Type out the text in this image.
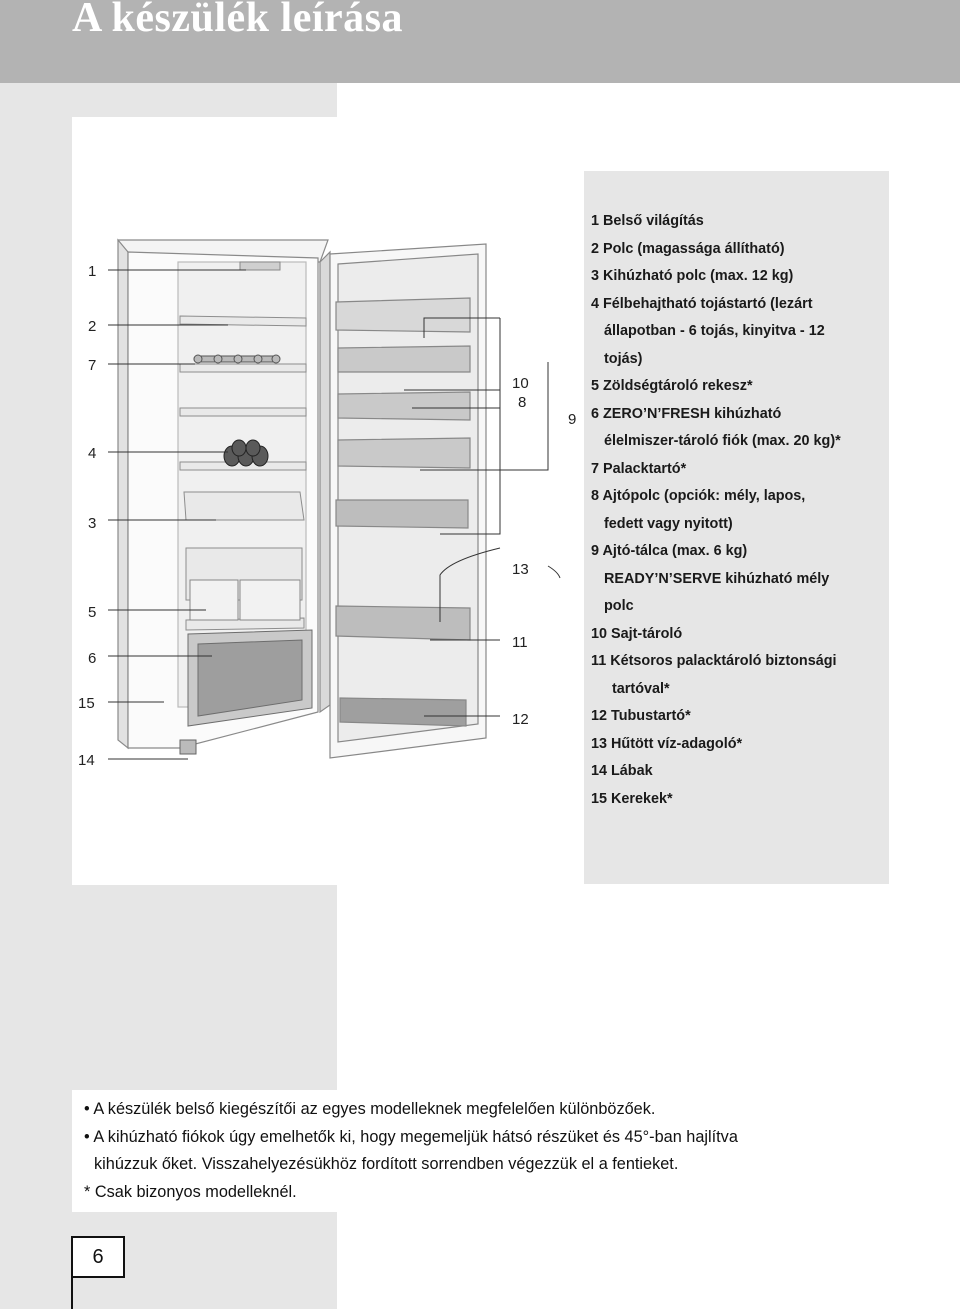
A készülék leírása
1
2
7
4
3
5
6
15
14
10
8
9
13
11
12
1 Belső világítás
2 Polc (magassága állítható)
3 Kihúzható polc (max. 12 kg)
4 Félbehajtható tojástartó (lezárt
állapotban - 6 tojás, kinyitva - 12
tojás)
5 Zöldségtároló rekesz*
6 ZERO’N’FRESH kihúzható
élelmiszer-tároló fiók (max. 20 kg)*
7 Palacktartó*
8 Ajtópolc (opciók: mély, lapos,
fedett vagy nyitott)
9 Ajtó-tálca (max. 6 kg)
READY’N’SERVE kihúzható mély
polc
10 Sajt-tároló
11 Kétsoros palacktároló biztonsági
tartóval*
12 Tubustartó*
13 Hűtött víz-adagoló*
14 Lábak
15 Kerekek*
• A készülék belső kiegészítői az egyes modelleknek megfelelően különbözőek.
• A kihúzható fiókok úgy emelhetők ki, hogy megemeljük hátsó részüket és 45°-ban hajlítva
kihúzzuk őket. Visszahelyezésükhöz fordított sorrendben végezzük el a fentieket.
* Csak bizonyos modelleknél.
6
